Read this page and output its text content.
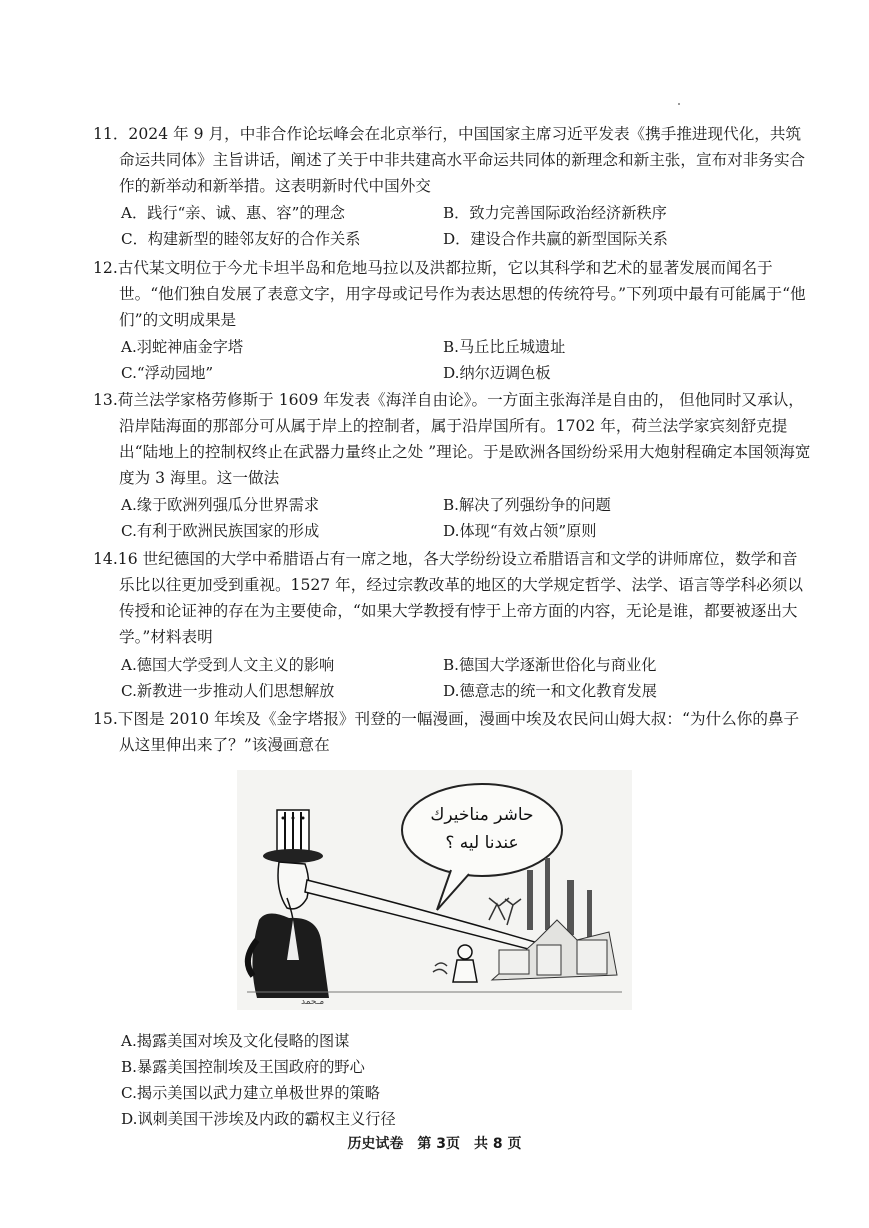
11．2024 年 9 月，中非合作论坛峰会在北京举行，中国国家主席习近平发表《携手推进现代化，共筑命运共同体》主旨讲话，阐述了关于中非共建高水平命运共同体的新理念和新主张，宣布对非务实合作的新举动和新举措。这表明新时代中国外交
A．践行“亲、诚、惠、容”的理念	B．致力完善国际政治经济新秩序
C．构建新型的睦邻友好的合作关系	D．建设合作共赢的新型国际关系
12.古代某文明位于今尤卡坦半岛和危地马拉以及洪都拉斯，它以其科学和艺术的显著发展而闻名于世。“他们独自发展了表意文字，用字母或记号作为表达思想的传统符号。”下列项中最有可能属于“他们”的文明成果是
A.羽蛇神庙金字塔	B.马丘比丘城遗址
C.“浮动园地”	D.纳尔迈调色板
13.荷兰法学家格劳修斯于 1609 年发表《海洋自由论》。一方面主张海洋是自由的， 但他同时又承认，沿岸陆海面的那部分可从属于岸上的控制者，属于沿岸国所有。1702 年，荷兰法学家宾刻舒克提出“陆地上的控制权终止在武器力量终止之处 ”理论。于是欧洲各国纷纷采用大炮射程确定本国领海宽度为 3 海里。这一做法
A.缘于欧洲列强瓜分世界需求	B.解决了列强纷争的问题
C.有利于欧洲民族国家的形成	D.体现“有效占领”原则
14.16 世纪德国的大学中希腊语占有一席之地，各大学纷纷设立希腊语言和文学的讲师席位，数学和音乐比以往更加受到重视。1527 年，经过宗教改革的地区的大学规定哲学、法学、语言等学科必须以传授和论证神的存在为主要使命，“如果大学教授有悖于上帝方面的内容，无论是谁，都要被逐出大学。”材料表明
A.德国大学受到人文主义的影响	B.德国大学逐渐世俗化与商业化
C.新教进一步推动人们思想解放	D.德意志的统一和文化教育发展
15.下图是 2010 年埃及《金字塔报》刊登的一幅漫画，漫画中埃及农民问山姆大叔：“为什么你的鼻子从这里伸出来了？”该漫画意在
حاشر مناخيرك
عندنا ليه ؟
مـحمد
A.揭露美国对埃及文化侵略的图谋
B.暴露美国控制埃及王国政府的野心
C.揭示美国以武力建立单极世界的策略
D.讽刺美国干涉埃及内政的霸权主义行径
历史试卷　第 3页　共 8 页
